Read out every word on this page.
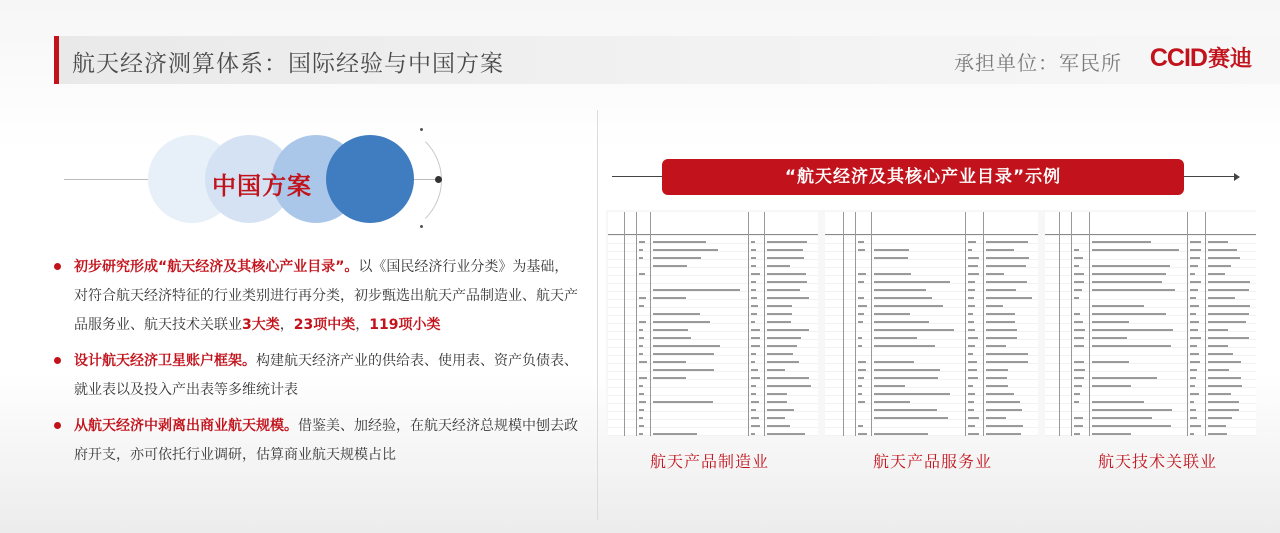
航天经济测算体系：国际经验与中国方案	承担单位：军民所 CCID赛迪
中国方案
初步研究形成“航天经济及其核心产业目录”。以《国民经济行业分类》为基础，对符合航天经济特征的行业类别进行再分类，初步甄选出航天产品制造业、航天产品服务业、航天技术关联业3大类，23项中类，119项小类
设计航天经济卫星账户框架。构建航天经济产业的供给表、使用表、资产负债表、就业表以及投入产出表等多维统计表
从航天经济中剥离出商业航天规模。借鉴美、加经验，在航天经济总规模中刨去政府开支，亦可依托行业调研，估算商业航天规模占比
“航天经济及其核心产业目录”示例
航天产品制造业	航天产品服务业	航天技术关联业
